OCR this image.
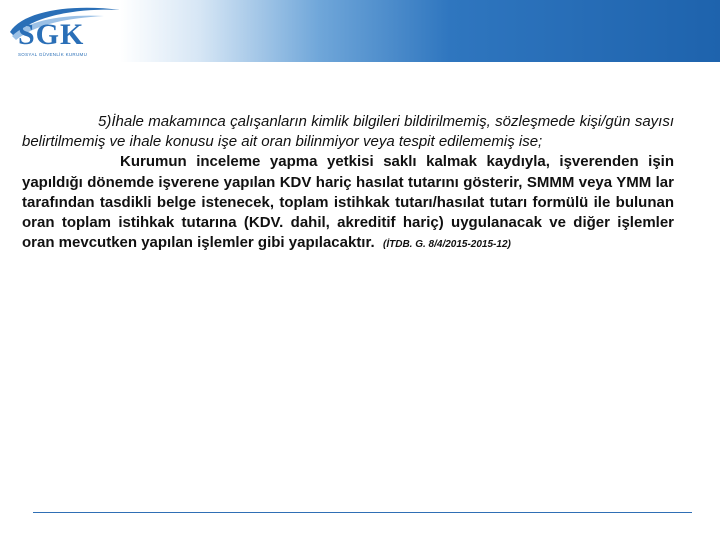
SGK
SOSYAL GÜVENLİK KURUMU

5)İhale makamınca çalışanların kimlik bilgileri bildirilmemiş, sözleşmede kişi/gün sayısı belirtilmemiş ve ihale konusu işe ait oran bilinmiyor veya tespit edilememiş ise;

Kurumun inceleme yapma yetkisi saklı kalmak kaydıyla, işverenden işin yapıldığı dönemde işverene yapılan KDV hariç hasılat tutarını gösterir, SMMM veya YMM lar tarafından tasdikli belge istenecek, toplam istihkak tutarı/hasılat tutarı formülü ile bulunan oran toplam istihkak tutarına (KDV. dahil, akreditif hariç) uygulanacak ve diğer işlemler oran mevcutken yapılan işlemler gibi yapılacaktır. (İTDB. G. 8/4/2015-2015-12)
